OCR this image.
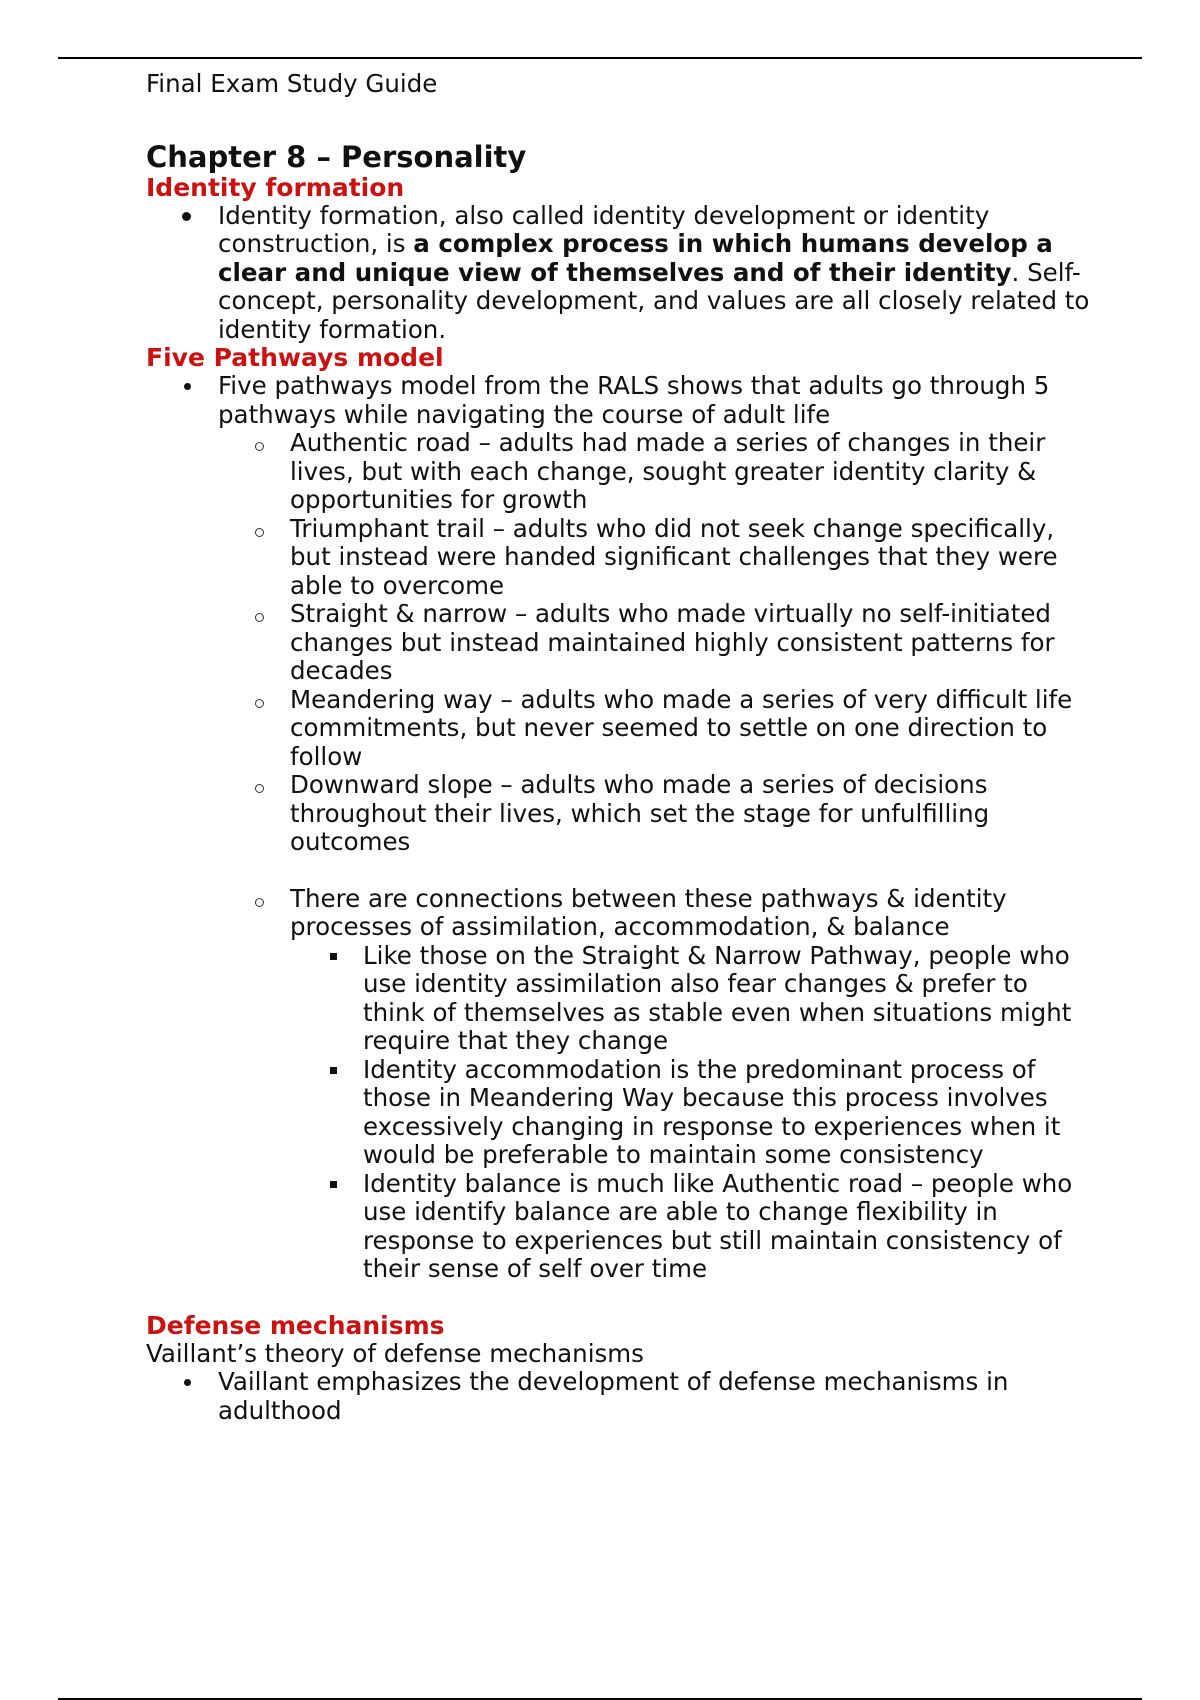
Final Exam Study Guide
Chapter 8 – Personality
Identity formation
Identity formation, also called identity development or identity construction, is a complex process in which humans develop a clear and unique view of themselves and of their identity. Self-concept, personality development, and values are all closely related to identity formation.
Five Pathways model
Five pathways model from the RALS shows that adults go through 5 pathways while navigating the course of adult life
Authentic road – adults had made a series of changes in their lives, but with each change, sought greater identity clarity & opportunities for growth
Triumphant trail – adults who did not seek change specifically, but instead were handed significant challenges that they were able to overcome
Straight & narrow – adults who made virtually no self-initiated changes but instead maintained highly consistent patterns for decades
Meandering way – adults who made a series of very difficult life commitments, but never seemed to settle on one direction to follow
Downward slope – adults who made a series of decisions throughout their lives, which set the stage for unfulfilling outcomes
There are connections between these pathways & identity processes of assimilation, accommodation, & balance
Like those on the Straight & Narrow Pathway, people who use identity assimilation also fear changes & prefer to think of themselves as stable even when situations might require that they change
Identity accommodation is the predominant process of those in Meandering Way because this process involves excessively changing in response to experiences when it would be preferable to maintain some consistency
Identity balance is much like Authentic road – people who use identify balance are able to change flexibility in response to experiences but still maintain consistency of their sense of self over time
Defense mechanisms
Vaillant’s theory of defense mechanisms
Vaillant emphasizes the development of defense mechanisms in adulthood
